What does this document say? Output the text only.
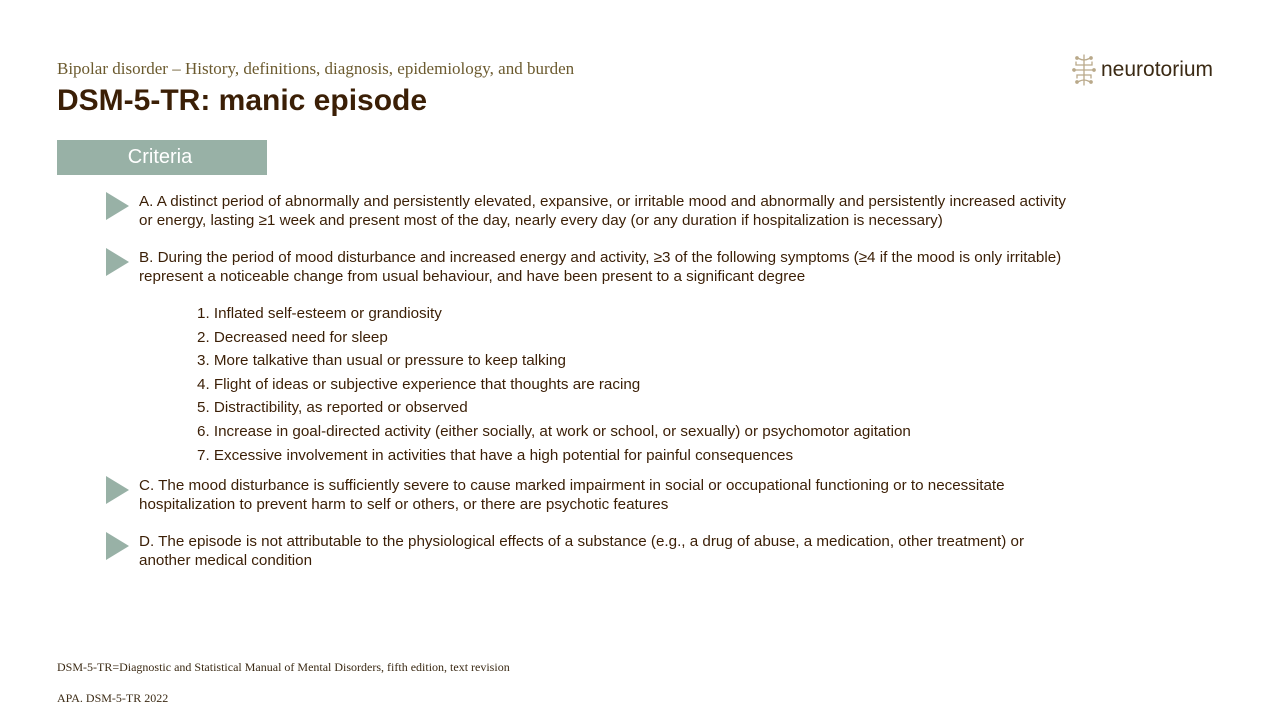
Bipolar disorder – History, definitions, diagnosis, epidemiology, and burden
DSM-5-TR: manic episode
neurotorium
Criteria
A. A distinct period of abnormally and persistently elevated, expansive, or irritable mood and abnormally and persistently increased activity or energy, lasting ≥1 week and present most of the day, nearly every day (or any duration if hospitalization is necessary)
B. During the period of mood disturbance and increased energy and activity, ≥3 of the following symptoms (≥4 if the mood is only irritable) represent a noticeable change from usual behaviour, and have been present to a significant degree
1. Inflated self-esteem or grandiosity
2. Decreased need for sleep
3. More talkative than usual or pressure to keep talking
4. Flight of ideas or subjective experience that thoughts are racing
5. Distractibility, as reported or observed
6. Increase in goal-directed activity (either socially, at work or school, or sexually) or psychomotor agitation
7. Excessive involvement in activities that have a high potential for painful consequences
C. The mood disturbance is sufficiently severe to cause marked impairment in social or occupational functioning or to necessitate hospitalization to prevent harm to self or others, or there are psychotic features
D. The episode is not attributable to the physiological effects of a substance (e.g., a drug of abuse, a medication, other treatment) or another medical condition
DSM-5-TR=Diagnostic and Statistical Manual of Mental Disorders, fifth edition, text revision
APA. DSM-5-TR 2022
